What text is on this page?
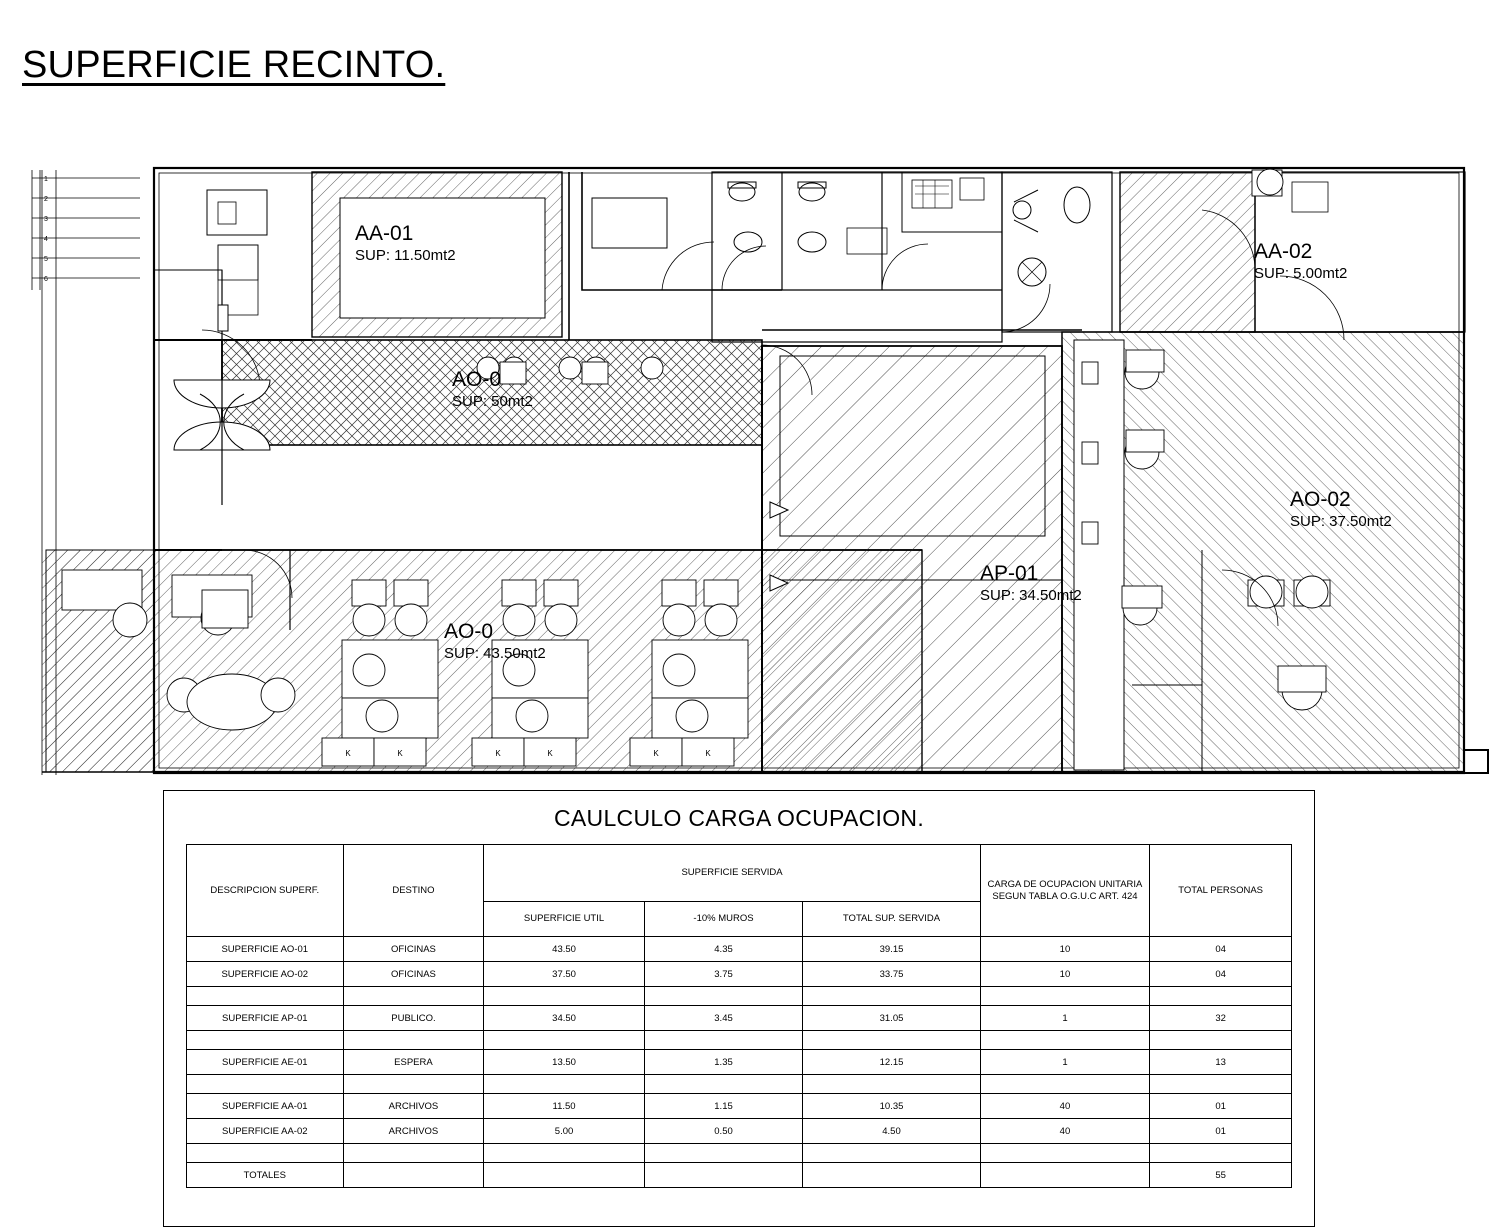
SUPERFICIE RECINTO.
1
2
3
4
5
6
K	K	K	K	K	K
AA-01
SUP: 11.50mt2	AA-02
SUP: 5.00mt2
AO-0
SUP: 50mt2
AO-02
SUP: 37.50mt2
AP-01
SUP: 34.50mt2
AO-0
SUP: 43.50mt2
CAULCULO CARGA OCUPACION.
DESCRIPCION SUPERF.	DESTINO	SUPERFICIE SERVIDA			CARGA DE OCUPACION UNITARIA SEGUN TABLA O.G.U.C ART. 424	TOTAL PERSONAS
		SUPERFICIE UTIL	-10% MUROS	TOTAL SUP. SERVIDA		
SUPERFICIE AO-01	OFICINAS	43.50	4.35	39.15	10	04
SUPERFICIE AO-02	OFICINAS	37.50	3.75	33.75	10	04

SUPERFICIE AP-01	PUBLICO.	34.50	3.45	31.05	1	32

SUPERFICIE AE-01	ESPERA	13.50	1.35	12.15	1	13

SUPERFICIE AA-01	ARCHIVOS	11.50	1.15	10.35	40	01
SUPERFICIE AA-02	ARCHIVOS	5.00	0.50	4.50	40	01

TOTALES						55
